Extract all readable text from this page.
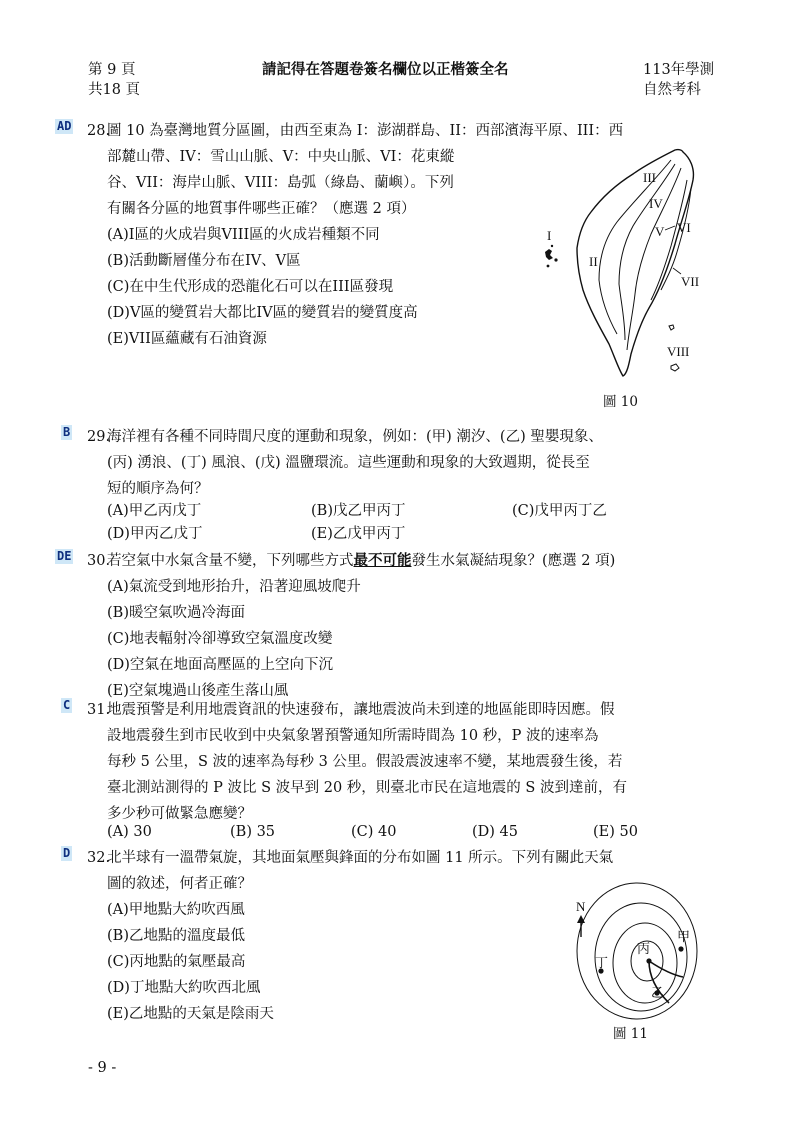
第 9 頁
共18 頁
請記得在答題卷簽名欄位以正楷簽全名	113年學測
自然考科
AD 28.
圖 10 為臺灣地質分區圖，由西至東為 I：澎湖群島、II：西部濱海平原、III：西
部麓山帶、IV：雪山山脈、V：中央山脈、VI：花東縱
谷、VII：海岸山脈、VIII：島弧（綠島、蘭嶼）。下列
有關各分區的地質事件哪些正確？（應選 2 項）
(A)I區的火成岩與VIII區的火成岩種類不同
(B)活動斷層僅分布在IV、V區
(C)在中生代形成的恐龍化石可以在III區發現
(D)V區的變質岩大都比IV區的變質岩的變質度高
(E)VII區蘊藏有石油資源
I
II
III
IV
V VI
VII
VIII
圖 10
B 29.
海洋裡有各種不同時間尺度的運動和現象，例如：(甲) 潮汐、(乙) 聖嬰現象、
(丙) 湧浪、(丁) 風浪、(戊) 溫鹽環流。這些運動和現象的大致週期，從長至
短的順序為何？
(A)甲乙丙戊丁	(B)戊乙甲丙丁	(C)戊甲丙丁乙
(D)甲丙乙戊丁	(E)乙戊甲丙丁
DE 30.
若空氣中水氣含量不變，下列哪些方式最不可能發生水氣凝結現象？(應選 2 項)
(A)氣流受到地形抬升，沿著迎風坡爬升
(B)暖空氣吹過冷海面
(C)地表輻射冷卻導致空氣溫度改變
(D)空氣在地面高壓區的上空向下沉
(E)空氣塊過山後產生落山風
C 31.
地震預警是利用地震資訊的快速發布，讓地震波尚未到達的地區能即時因應。假
設地震發生到市民收到中央氣象署預警通知所需時間為 10 秒，P 波的速率為
每秒 5 公里，S 波的速率為每秒 3 公里。假設震波速率不變，某地震發生後，若
臺北測站測得的 P 波比 S 波早到 20 秒，則臺北市民在這地震的 S 波到達前，有
多少秒可做緊急應變？
(A) 30	(B) 35	(C) 40	(D) 45	(E) 50
D 32.
北半球有一溫帶氣旋，其地面氣壓與鋒面的分布如圖 11 所示。下列有關此天氣
圖的敘述，何者正確？
(A)甲地點大約吹西風
(B)乙地點的溫度最低
(C)丙地點的氣壓最高
(D)丁地點大約吹西北風
(E)乙地點的天氣是陰雨天
N
甲
乙
丙
丁
圖 11
- 9 -
